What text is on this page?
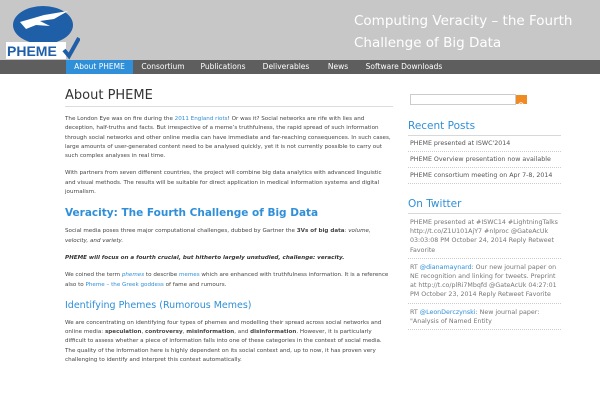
PHEME
Computing Veracity – the Fourth Challenge of Big Data
About PHEME	Consortium	Publications	Deliverables	News	Software Downloads
About PHEME

The London Eye was on fire during the 2011 England riots! Or was it? Social networks are rife with lies and deception, half-truths and facts. But irrespective of a meme’s truthfulness, the rapid spread of such information through social networks and other online media can have immediate and far-reaching consequences. In such cases, large amounts of user-generated content need to be analysed quickly, yet it is not currently possible to carry out such complex analyses in real time.

With partners from seven different countries, the project will combine big data analytics with advanced linguistic and visual methods. The results will be suitable for direct application in medical information systems and digital journalism.

Veracity: The Fourth Challenge of Big Data

Social media poses three major computational challenges, dubbed by Gartner the 3Vs of big data: volume, velocity, and variety.

PHEME will focus on a fourth crucial, but hitherto largely unstudied, challenge: veracity.

We coined the term phemes to describe memes which are enhanced with truthfulness information. It is a reference also to Pheme – the Greek goddess of fame and rumours.

Identifying Phemes (Rumorous Memes)

We are concentrating on identifying four types of phemes and modelling their spread across social networks and online media: speculation, controversy, misinformation, and disinformation. However, it is particularly difficult to assess whether a piece of information falls into one of these categories in the context of social media. The quality of the information here is highly dependent on its social context and, up to now, it has proven very challenging to identify and interpret this context automatically.

Recent Posts
PHEME presented at ISWC'2014
PHEME Overview presentation now available
PHEME consortium meeting on Apr 7-8, 2014
On Twitter
PHEME presented at #ISWC14 #LightningTalks http://t.co/Z1U101AjY7 #nlproc @GateAcUk 03:03:08 PM October 24, 2014 Reply Retweet Favorite
RT @dianamaynard: Our new journal paper on NE recognition and linking for tweets. Preprint at http://t.co/plRi7Mbqfd @GateAcUk 04:27:01 PM October 23, 2014 Reply Retweet Favorite
RT @LeonDerczynski: New journal paper: "Analysis of Named Entity
